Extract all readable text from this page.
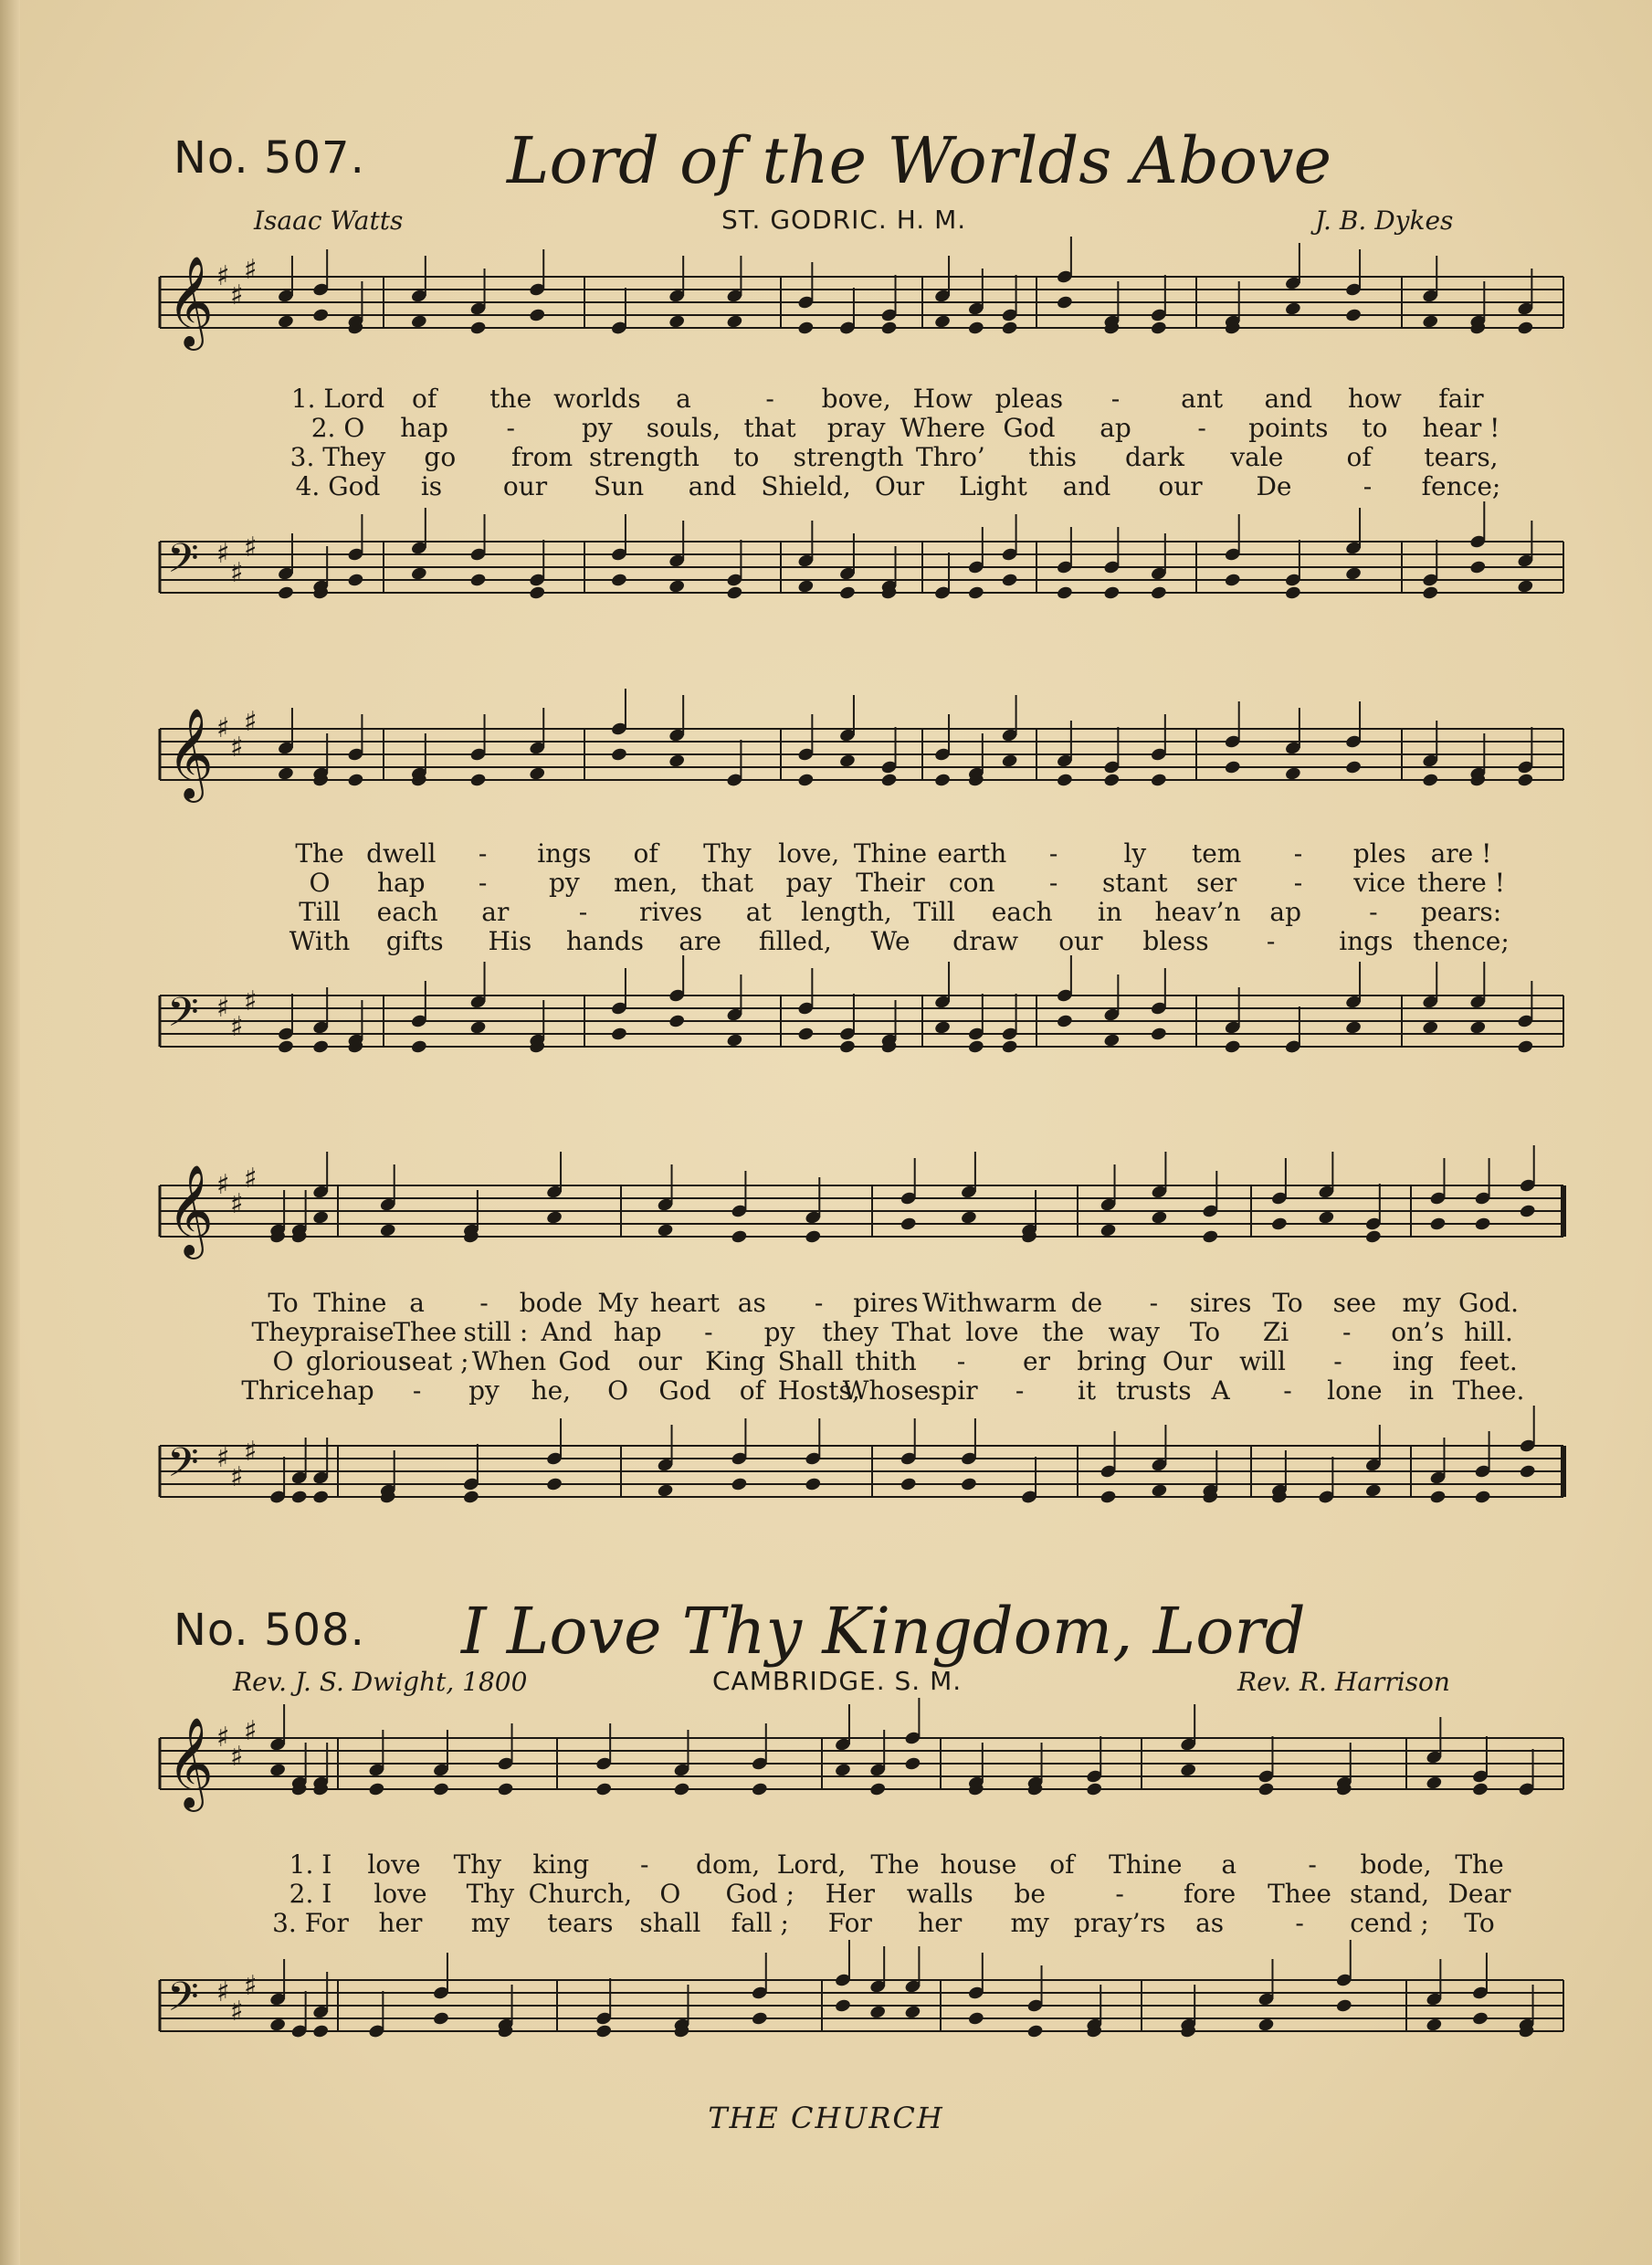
No. 507. Lord of the Worlds Above
Isaac Watts	ST. GODRIC. H. M.	J. B. Dykes
𝄞 ♯
♯
♯
1. Lord of the worlds a	- bove, How pleas - ant and how fair
2. O hap -	py souls, that pray Where God ap	- points to hear !
3. They go from strength to strength Thro’ this dark vale of tears,
4. God is our Sun and Shield, Our Light and our De	- fence;
𝄢 ♯
♯
♯
𝄞 ♯
♯
♯
The dwell - ings of Thy love, Thine earth -	ly tem - ples are !
O hap - py men, that pay Their con - stant ser - vice there !
Till each ar	- rives at length, Till each in heav’n ap	- pears:
With gifts His hands are filled, We draw our bless - ings thence;
𝄢 ♯
♯
♯
𝄞 ♯
♯
♯
To Thine a - bode My heart as - pires With warm de - sires To see my God.
They praise
Thee still : And hap - py they That love the way To Zi - on’s hill.
O glorious
seat ; When God our King Shall thith - er bring Our will - ing feet.
Thrice hap - py he, O God of Hosts,
Whose
spir - it trusts A - lone in Thee.
𝄢 ♯
♯
♯
No. 508. I Love Thy Kingdom, Lord
Rev. J. S. Dwight, 1800	CAMBRIDGE. S. M.	Rev. R. Harrison
𝄞 ♯
♯
♯
1. I love Thy king - dom, Lord, The house of Thine a	- bode, The
2. I love Thy Church, O God ; Her walls be	- fore Thee stand, Dear
3. For her my tears shall fall ; For her my pray’rs as	- cend ; To
𝄢 ♯
♯
♯
THE CHURCH
